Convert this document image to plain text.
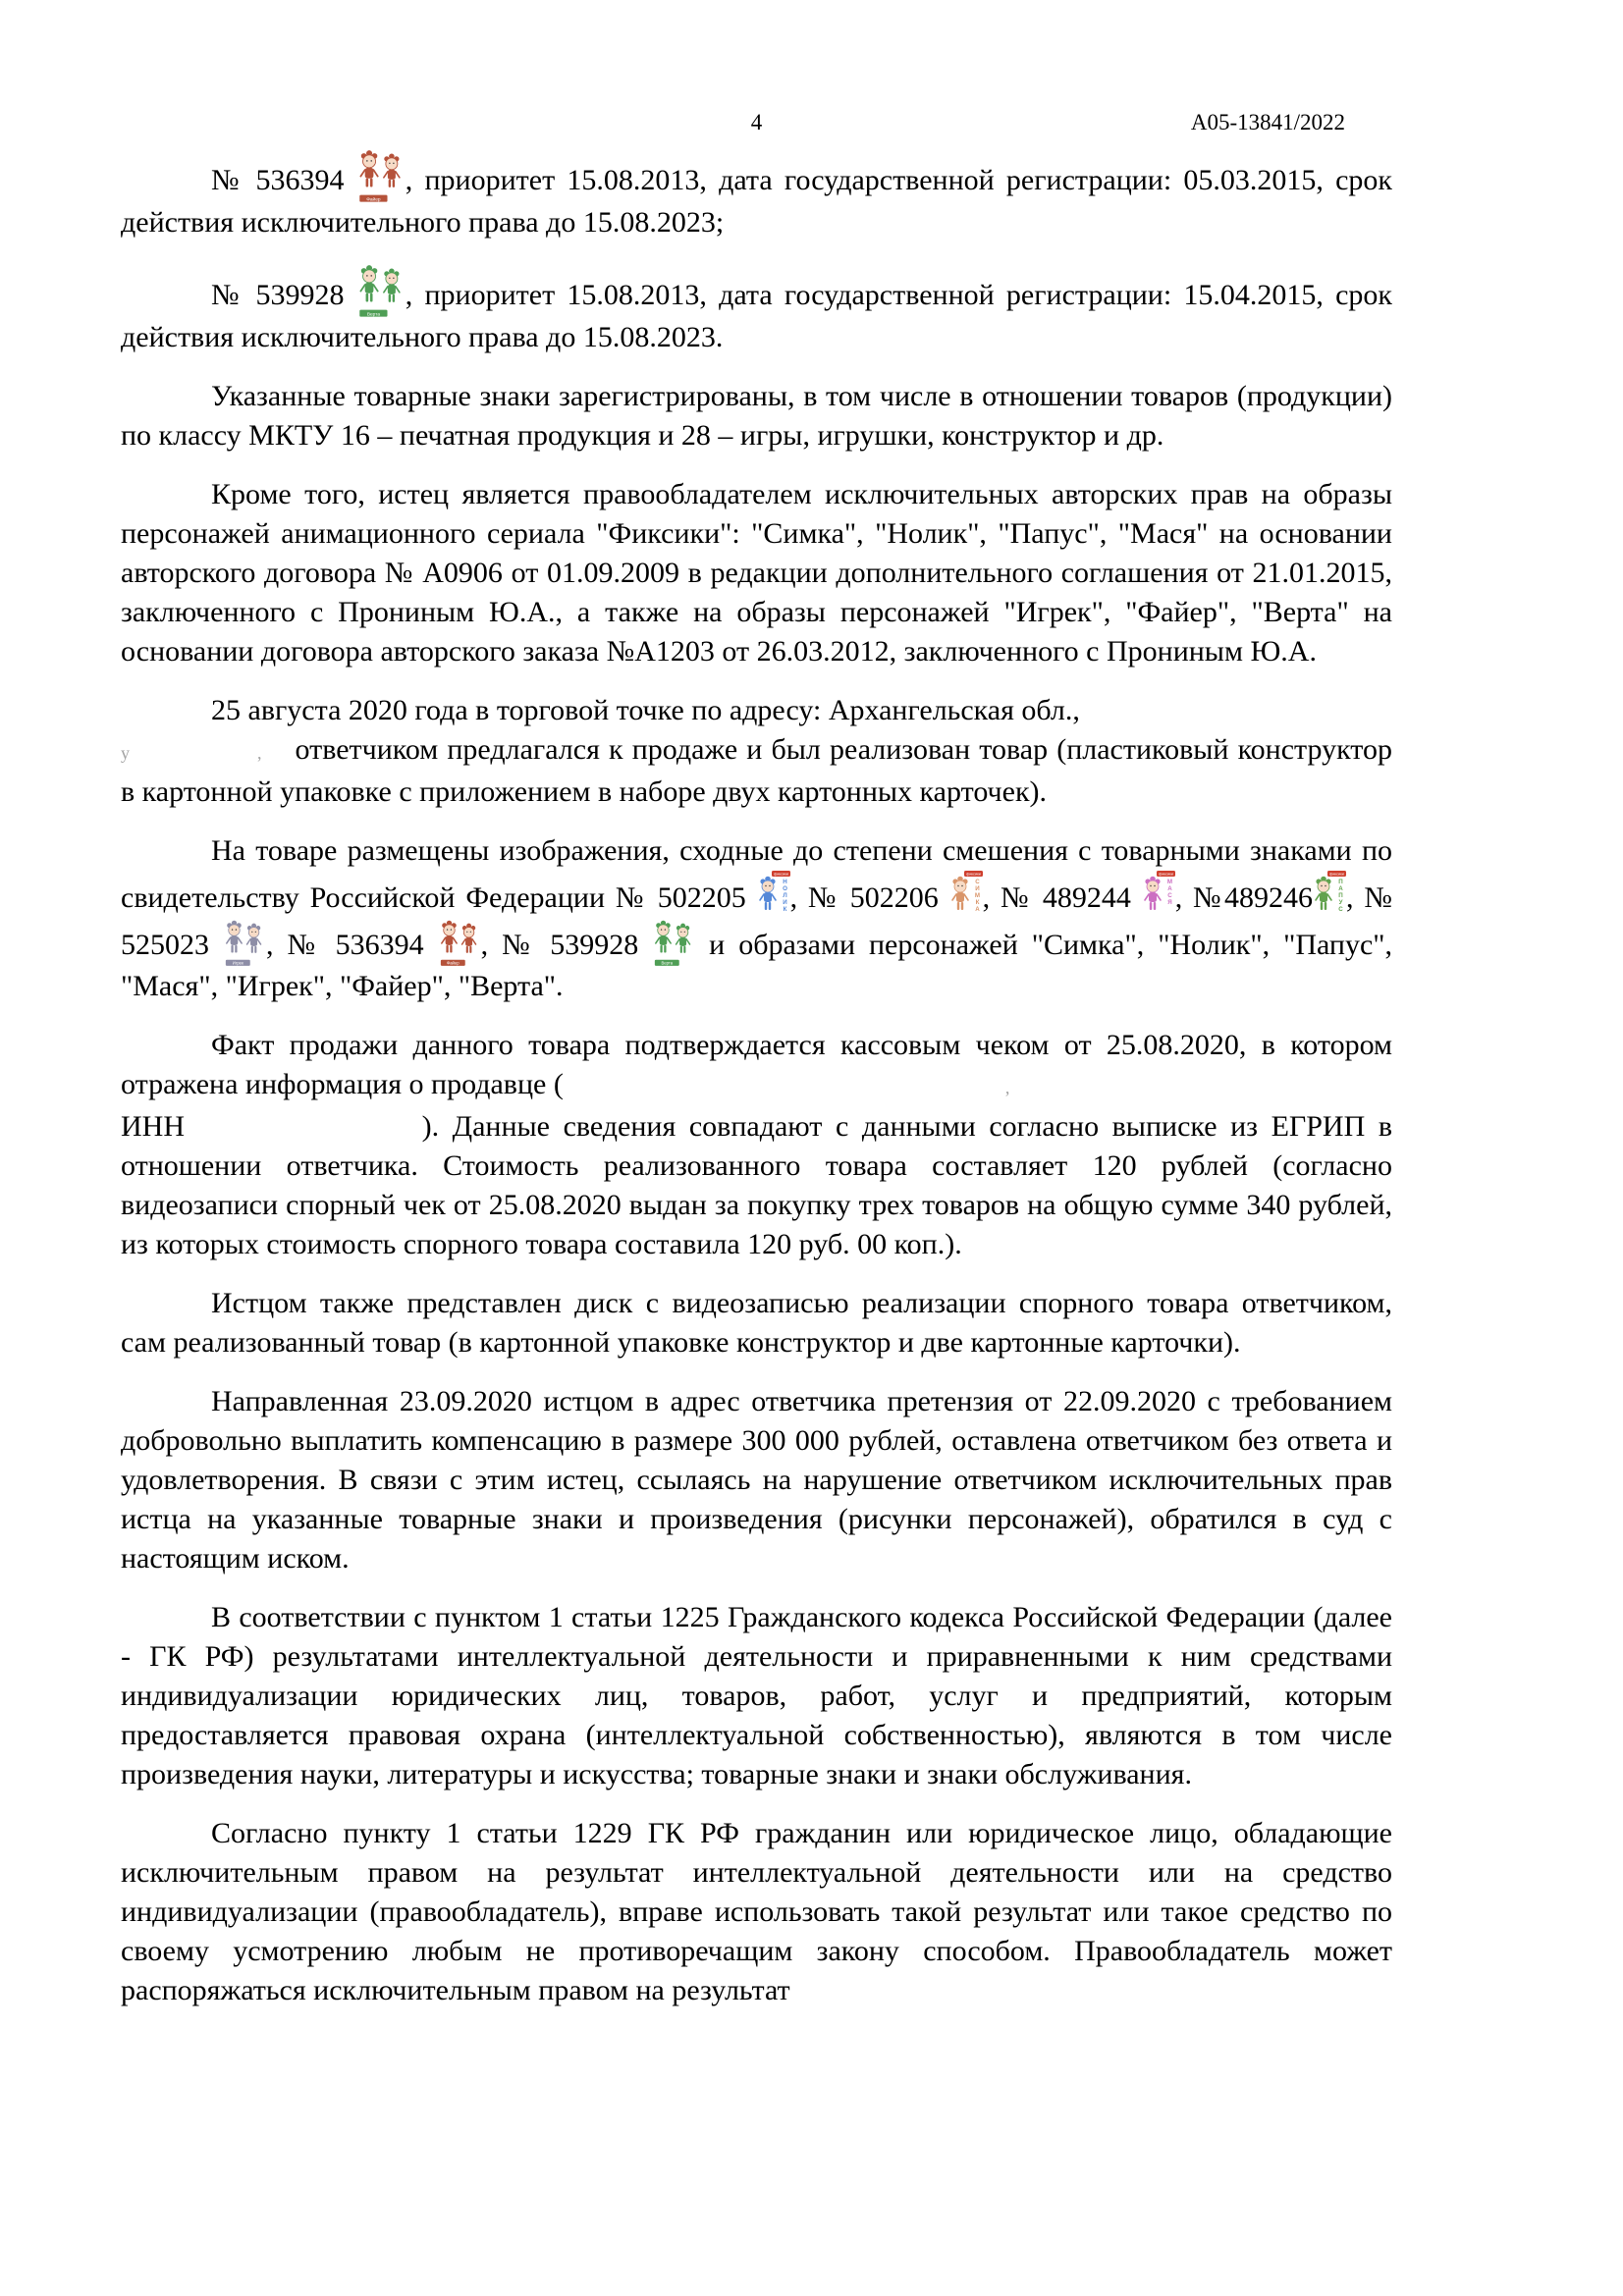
4	А05-13841/2022

№ 536394
Файер
, приоритет 15.08.2013, дата государственной регистрации: 05.03.2015, срок действия исключительного права до 15.08.2023;

№ 539928
Верта
, приоритет 15.08.2013, дата государственной регистрации: 15.04.2015, срок действия исключительного права до 15.08.2023.

Указанные товарные знаки зарегистрированы, в том числе в отношении товаров (продукции) по классу МКТУ 16 – печатная продукция и 28 – игры, игрушки, конструктор и др.

Кроме того, истец является правообладателем исключительных авторских прав на образы персонажей анимационного сериала "Фиксики": "Симка", "Нолик", "Папус", "Мася" на основании авторского договора № А0906 от 01.09.2009 в редакции дополнительного соглашения от 21.01.2015, заключенного с Прониным Ю.А., а также на образы персонажей "Игрек", "Файер", "Верта" на основании договора авторского заказа №А1203 от 26.03.2012, заключенного с Прониным Ю.А.

25 августа 2020 года в торговой точке по адресу: Архангельская обл.,
у	, ответчиком предлагался к продаже и был реализован товар (пластиковый конструктор в картонной упаковке с приложением в наборе двух картонных карточек).

На товаре размещены изображения, сходные до степени смешения с товарными знаками по свидетельству Российской Федерации № 502205
фиксики
Н
О
Л
И
К , № 502206
фиксики
С
И
М
К
А , № 489244
фиксики
М
А
С
Я , №489246
фиксики
П
А
П
У
С , № 525023
Игрек
, № 536394
Файер
, № 539928
Верта
и образами персонажей "Симка", "Нолик", "Папус", "Мася", "Игрек", "Файер", "Верта".

Факт продажи данного товара подтверждается кассовым чеком от 25.08.2020, в котором отражена информация о продавце (	,
ИНН	). Данные сведения совпадают с данными согласно выписке из ЕГРИП в отношении ответчика. Стоимость реализованного товара составляет 120 рублей (согласно видеозаписи спорный чек от 25.08.2020 выдан за покупку трех товаров на общую сумме 340 рублей, из которых стоимость спорного товара составила 120 руб. 00 коп.).

Истцом также представлен диск с видеозаписью реализации спорного товара ответчиком, сам реализованный товар (в картонной упаковке конструктор и две картонные карточки).

Направленная 23.09.2020 истцом в адрес ответчика претензия от 22.09.2020 с требованием добровольно выплатить компенсацию в размере 300 000 рублей, оставлена ответчиком без ответа и удовлетворения. В связи с этим истец, ссылаясь на нарушение ответчиком исключительных прав истца на указанные товарные знаки и произведения (рисунки персонажей), обратился в суд с настоящим иском.

В соответствии с пунктом 1 статьи 1225 Гражданского кодекса Российской Федерации (далее - ГК РФ) результатами интеллектуальной деятельности и приравненными к ним средствами индивидуализации юридических лиц, товаров, работ, услуг и предприятий, которым предоставляется правовая охрана (интеллектуальной собственностью), являются в том числе произведения науки, литературы и искусства; товарные знаки и знаки обслуживания.

Согласно пункту 1 статьи 1229 ГК РФ гражданин или юридическое лицо, обладающие исключительным правом на результат интеллектуальной деятельности или на средство индивидуализации (правообладатель), вправе использовать такой результат или такое средство по своему усмотрению любым не противоречащим закону способом. Правообладатель может распоряжаться исключительным правом на результат
